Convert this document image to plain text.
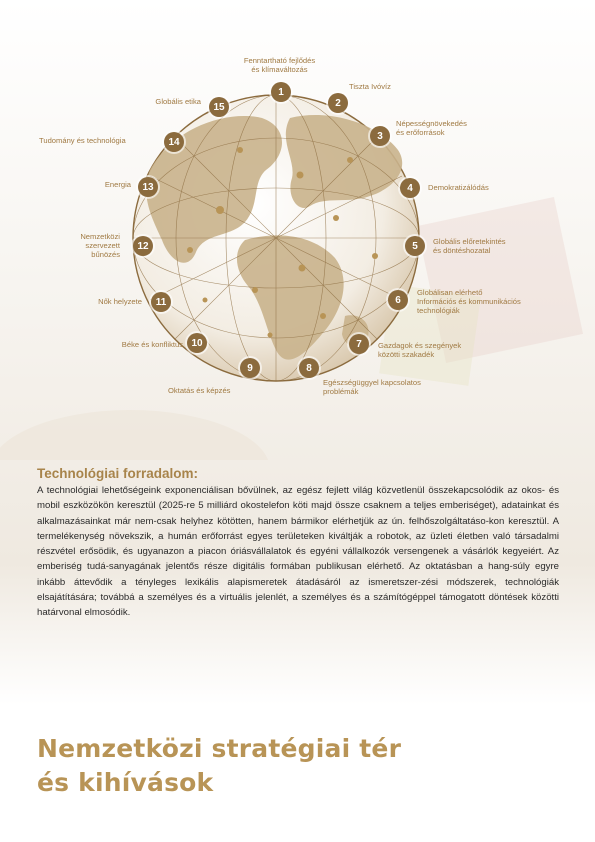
Fenntartható fejlődés
és klímaváltozás
1	Tiszta Ivóvíz
2
Népességnövekedés
és erőforrások
3
Demokratizálódás
4
Globális előretekintés
és döntéshozatal
5
Globálisan elérhető
Információs és kommunikációs
technológiák
6
Gazdagok és szegények
közötti szakadék
7
Egészségüggyel kapcsolatos
problémák
8
Oktatás és képzés
9
Béke és konfliktus 10
Nők helyzete 11
Nemzetközi
szervezett
bűnözés
12
Energia 13
Tudomány és technológia	14
Globális etika 15
Technológiai forradalom:
A technológiai lehetőségeink exponenciálisan bővülnek, az egész fejlett világ közvetlenül összekapcsolódik az okos- és mobil eszközökön keresztül (2025-re 5 milliárd okostelefon köti majd össze csaknem a teljes emberiséget), adatainkat és alkalmazásainkat már nem-csak helyhez kötötten, hanem bármikor elérhetjük az ún. felhőszolgáltatáso-kon keresztül. A termelékenység növekszik, a humán erőforrást egyes területeken kiváltják a robotok, az üzleti életben való társadalmi részvétel erősödik, és ugyanazon a piacon óriásvállalatok és egyéni vállalkozók versengenek a vásárlók kegyeiért. Az emberiség tudá-sanyagának jelentős része digitális formában publikusan elérhető. Az oktatásban a hang-súly egyre inkább áttevődik a tényleges lexikális alapismeretek átadásáról az ismeretszer-zési módszerek, technológiák elsajátítására; továbbá a személyes és a virtuális jelenlét, a személyes és a számítógéppel támogatott döntések közötti határvonal elmosódik.
Nemzetközi stratégiai tér
és kihívások
